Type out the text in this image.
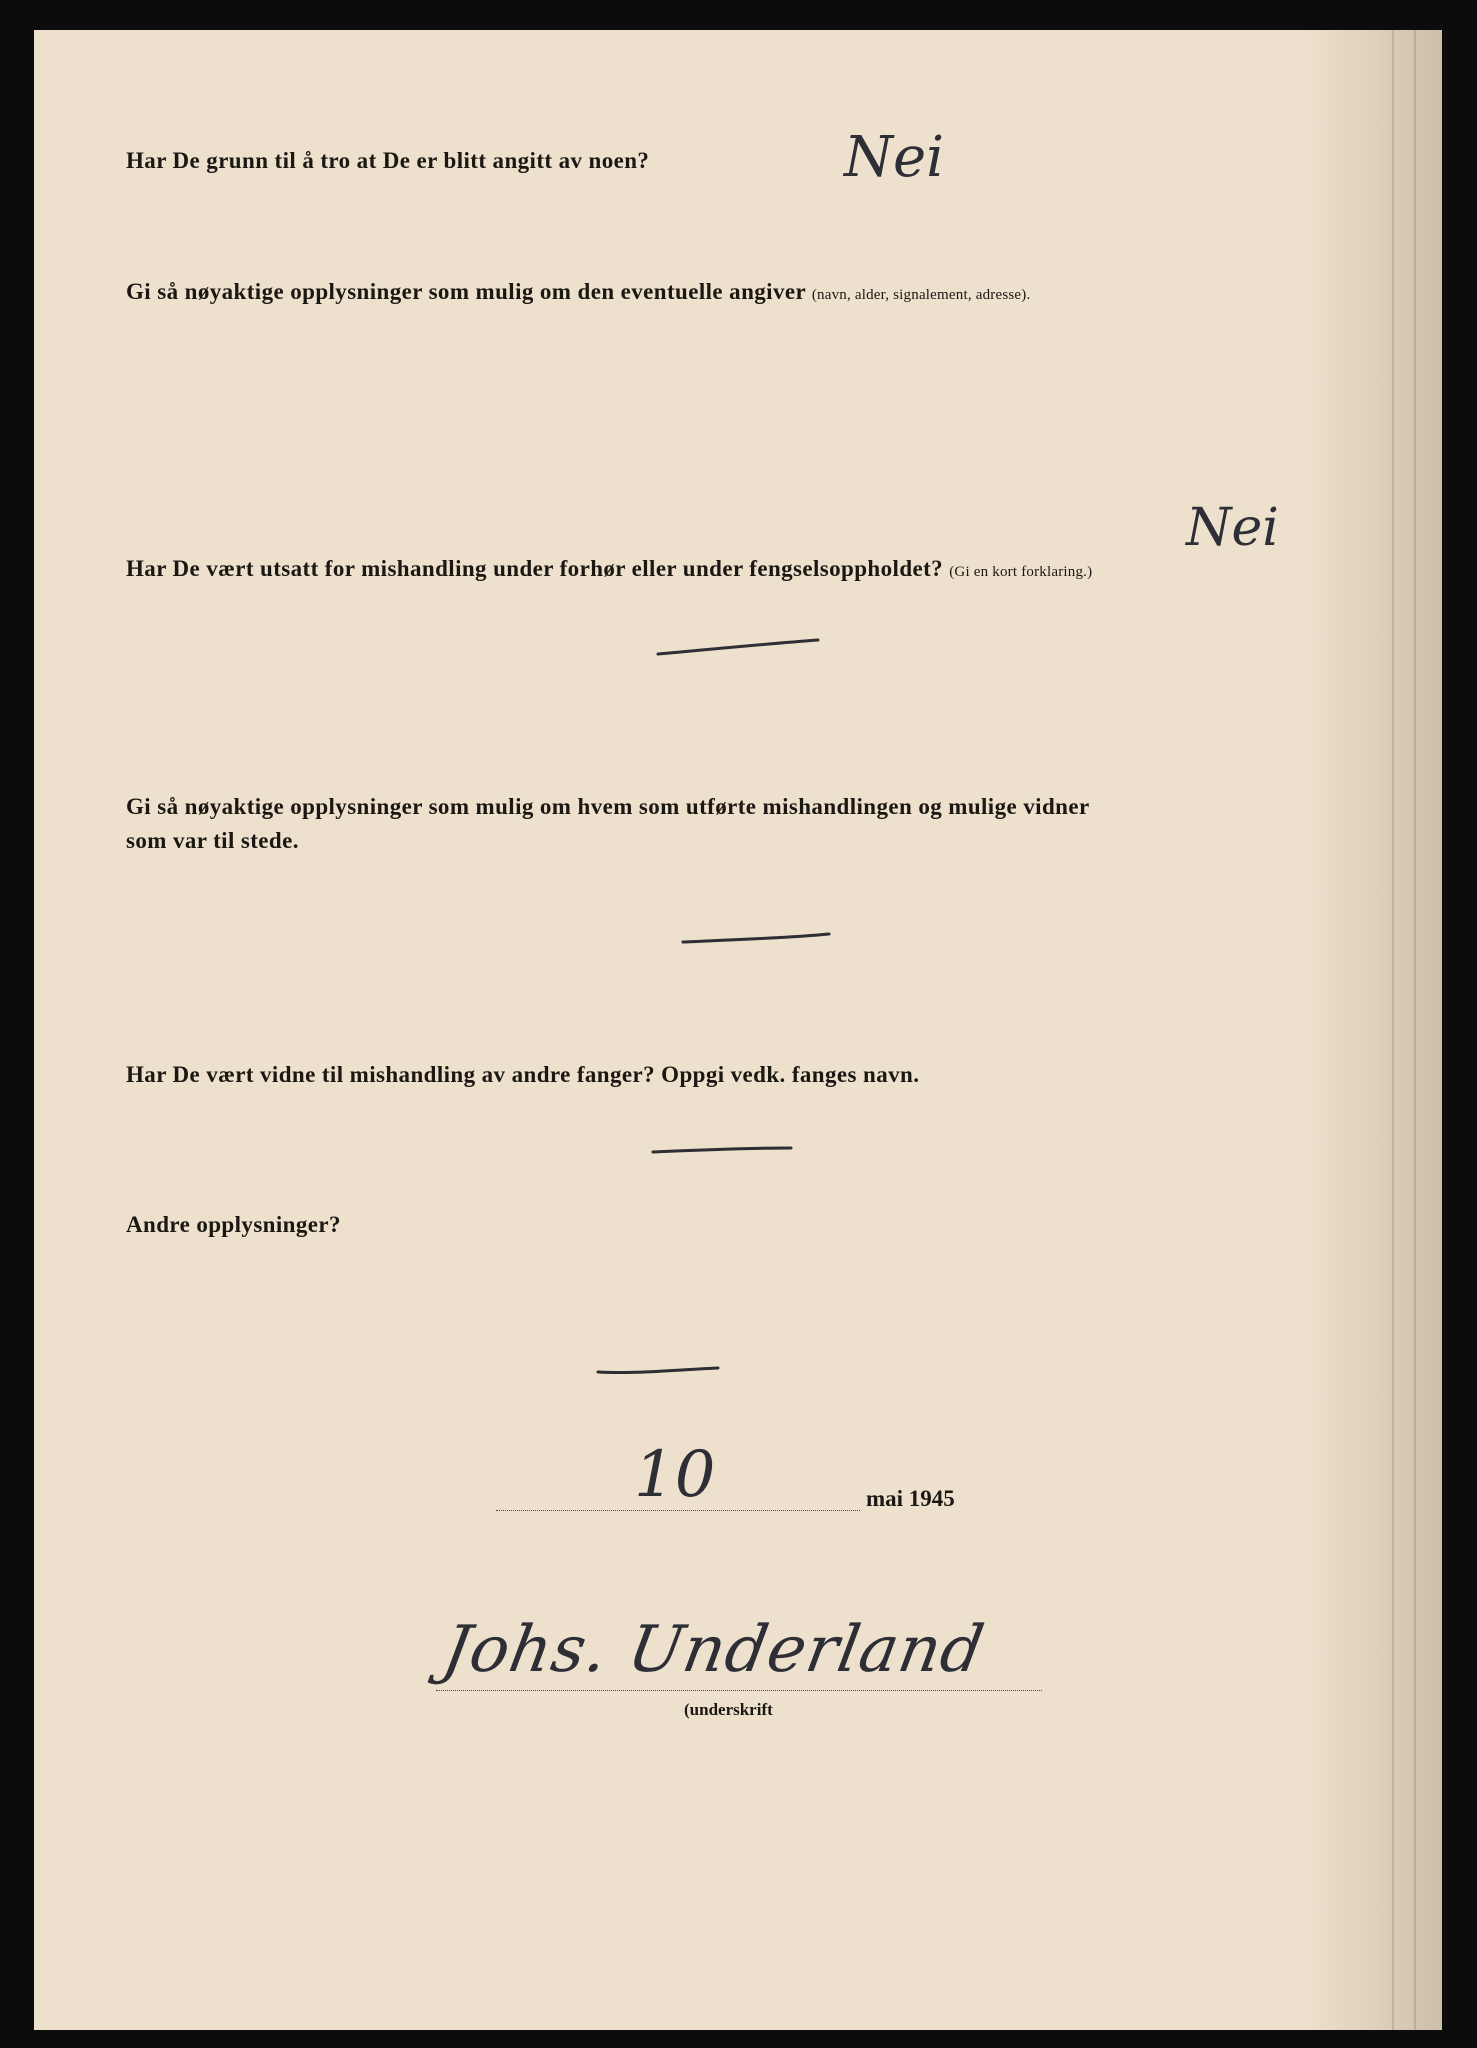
Har De grunn til å tro at De er blitt angitt av noen?	Nei

Gi så nøyaktige opplysninger som mulig om den eventuelle angiver (navn, alder, signalement, adresse).

Har De vært utsatt for mishandling under forhør eller under fengselsoppholdet? (Gi en kort forklaring.)

Nei

Gi så nøyaktige opplysninger som mulig om hvem som utførte mishandlingen og mulige vidner

som var til stede.

Har De vært vidne til mishandling av andre fanger? Oppgi vedk. fanges navn.

Andre opplysninger?

10	mai 1945
Johs. Underland
(underskrift
